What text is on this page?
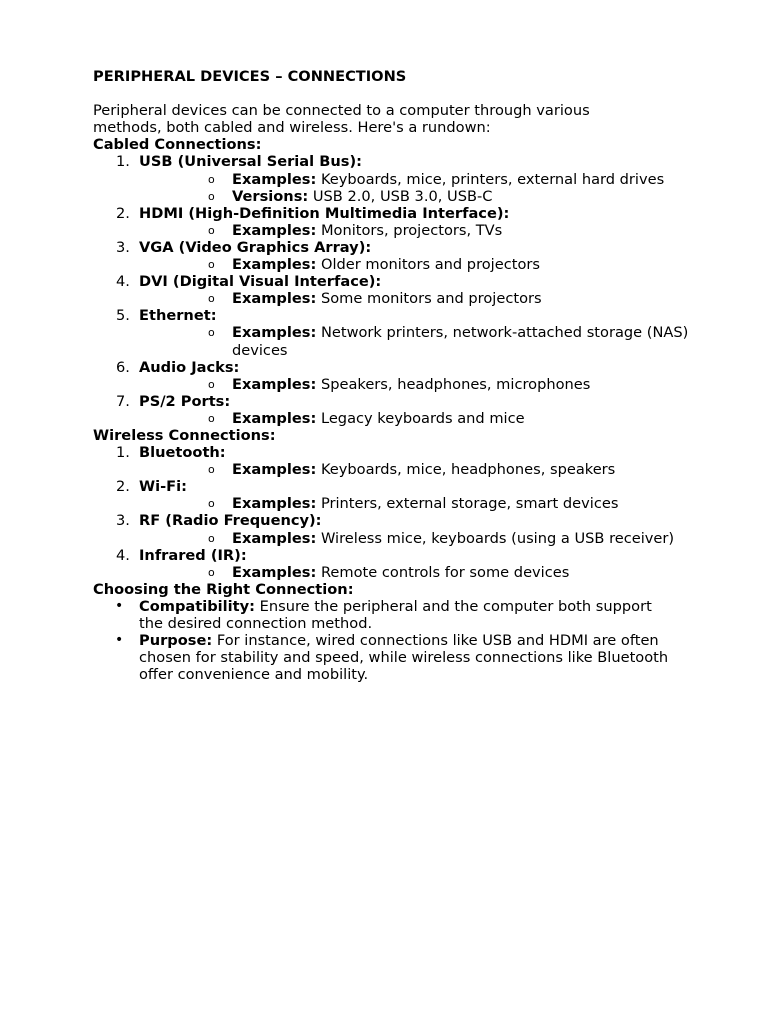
PERIPHERAL DEVICES – CONNECTIONS

Peripheral devices can be connected to a computer through various methods, both cabled and wireless. Here's a rundown:

Cabled Connections:

1. USB (Universal Serial Bus):
o Examples: Keyboards, mice, printers, external hard drives
o Versions: USB 2.0, USB 3.0, USB-C
2. HDMI (High-Definition Multimedia Interface):
o Examples: Monitors, projectors, TVs
3. VGA (Video Graphics Array):
o Examples: Older monitors and projectors
4. DVI (Digital Visual Interface):
o Examples: Some monitors and projectors
5. Ethernet:
o Examples: Network printers, network-attached storage (NAS) devices
6. Audio Jacks:
o Examples: Speakers, headphones, microphones
7. PS/2 Ports:
o Examples: Legacy keyboards and mice

Wireless Connections:

1. Bluetooth:
o Examples: Keyboards, mice, headphones, speakers
2. Wi-Fi:
o Examples: Printers, external storage, smart devices
3. RF (Radio Frequency):
o Examples: Wireless mice, keyboards (using a USB receiver)
4. Infrared (IR):
o Examples: Remote controls for some devices

Choosing the Right Connection:

• Compatibility: Ensure the peripheral and the computer both support the desired connection method.
• Purpose: For instance, wired connections like USB and HDMI are often chosen for stability and speed, while wireless connections like Bluetooth offer convenience and mobility.
